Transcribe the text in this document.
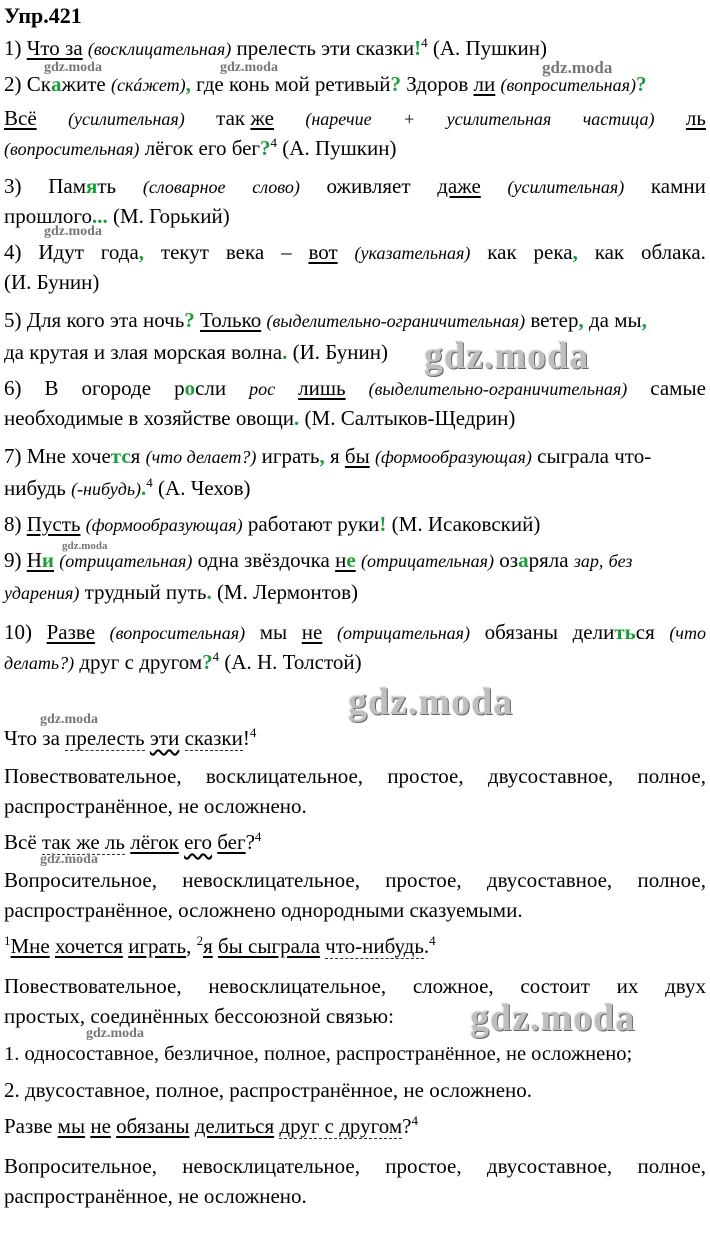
Упр.421
1) Что за (восклицательная) прелесть эти сказки!$^4$ (А. Пушкин)
2) Скажите (скáжет), где конь мой ретивый? Здоров ли (вопросительная)?
Всё (усилительная) так же (наречие + усилительная частица) ль
(вопросительная) лёгок его бег?$^4$ (А. Пушкин)
3) Память (словарное слово) оживляет даже (усилительная) камни
прошлого... (М. Горький)
4) Идут года, текут века – вот (указательная) как река, как облака.
(И. Бунин)
5) Для кого эта ночь? Только (выделительно-ограничительная) ветер, да мы,
да крутая и злая морская волна. (И. Бунин)
6) В огороде росли рос лишь (выделительно-ограничительная) самые
необходимые в хозяйстве овощи. (М. Салтыков-Щедрин)
7) Мне хочется (что делает?) играть, я бы (формообразующая) сыграла что-
нибудь (-нибудь).$^4$ (А. Чехов)
8) Пусть (формообразующая) работают руки! (М. Исаковский)
9) Ни (отрицательная) одна звёздочка не (отрицательная) озаряла зар, без
ударения) трудный путь. (М. Лермонтов)
10) Разве (вопросительная) мы не (отрицательная) обязаны делиться (что
делать?) друг с другом?$^4$ (А. Н. Толстой)
Что за прелесть эти сказки!$^4$
Повествовательное, восклицательное, простое, двусоставное, полное,
распространённое, не осложнено.
Всё так же ль лёгок его бег?$^4$
Вопросительное, невосклицательное, простое, двусоставное, полное,
распространённое, осложнено однородными сказуемыми.
$^1$Мне хочется играть, $^2$я бы сыграла что-нибудь.$^4$
Повествовательное, невосклицательное, сложное, состоит их двух
простых, соединённых бессоюзной связью:
1. односоставное, безличное, полное, распространённое, не осложнено;
2. двусоставное, полное, распространённое, не осложнено.
Разве мы не обязаны делиться друг с другом?$^4$
Вопросительное, невосклицательное, простое, двусоставное, полное,
распространённое, не осложнено.
gdz.moda	gdz.moda	gdz.moda
gdz.moda
gdz.moda
gdz.moda
gdz.moda
gdz.moda
gdz.moda
gdz.moda
gdz.moda
